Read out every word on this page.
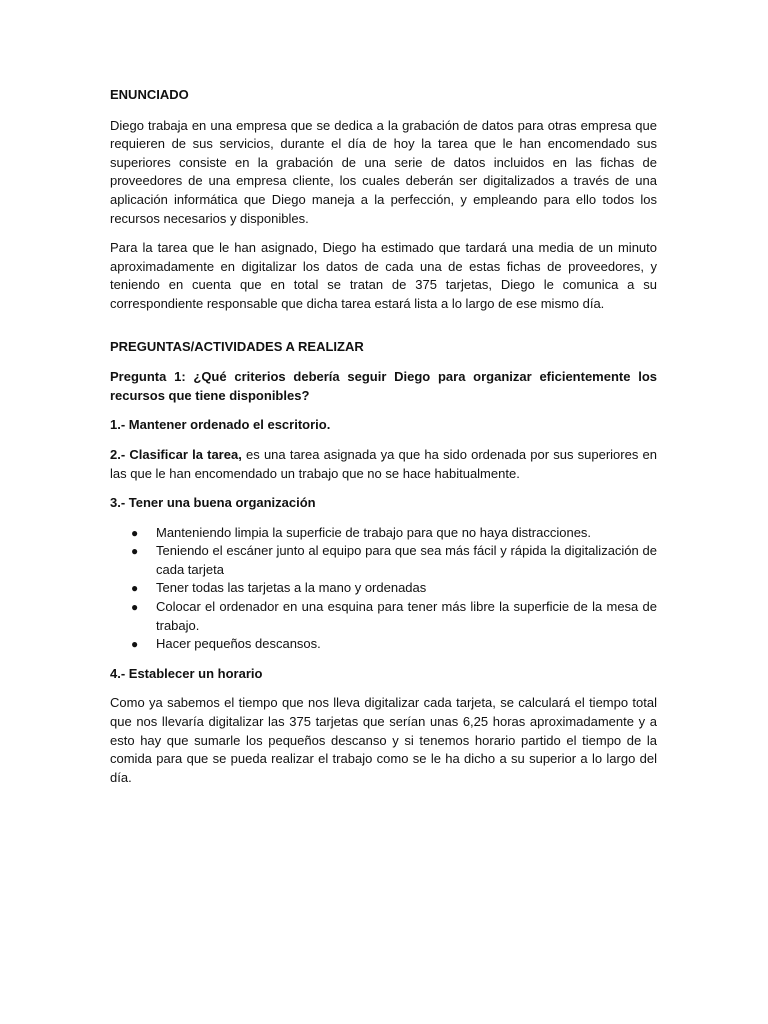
ENUNCIADO

Diego trabaja en una empresa que se dedica a la grabación de datos para otras empresa que requieren de sus servicios, durante el día de hoy la tarea que le han encomendado sus superiores consiste en la grabación de una serie de datos incluidos en las fichas de proveedores de una empresa cliente, los cuales deberán ser digitalizados a través de una aplicación informática que Diego maneja a la perfección, y empleando para ello todos los recursos necesarios y disponibles.

Para la tarea que le han asignado, Diego ha estimado que tardará una media de un minuto aproximadamente en digitalizar los datos de cada una de estas fichas de proveedores, y teniendo en cuenta que en total se tratan de 375 tarjetas, Diego le comunica a su correspondiente responsable que dicha tarea estará lista a lo largo de ese mismo día.

PREGUNTAS/ACTIVIDADES A REALIZAR

Pregunta 1: ¿Qué criterios debería seguir Diego para organizar eficientemente los recursos que tiene disponibles?

1.- Mantener ordenado el escritorio.

2.- Clasificar la tarea, es una tarea asignada ya que ha sido ordenada por sus superiores en las que le han encomendado un trabajo que no se hace habitualmente.

3.- Tener una buena organización

● Manteniendo limpia la superficie de trabajo para que no haya distracciones.
● Teniendo el escáner junto al equipo para que sea más fácil y rápida la digitalización de cada tarjeta
● Tener todas las tarjetas a la mano y ordenadas
● Colocar el ordenador en una esquina para tener más libre la superficie de la mesa de trabajo.
● Hacer pequeños descansos.

4.- Establecer un horario

Como ya sabemos el tiempo que nos lleva digitalizar cada tarjeta, se calculará el tiempo total que nos llevaría digitalizar las 375 tarjetas que serían unas 6,25 horas aproximadamente y a esto hay que sumarle los pequeños descanso y si tenemos horario partido el tiempo de la comida para que se pueda realizar el trabajo como se le ha dicho a su superior a lo largo del día.
